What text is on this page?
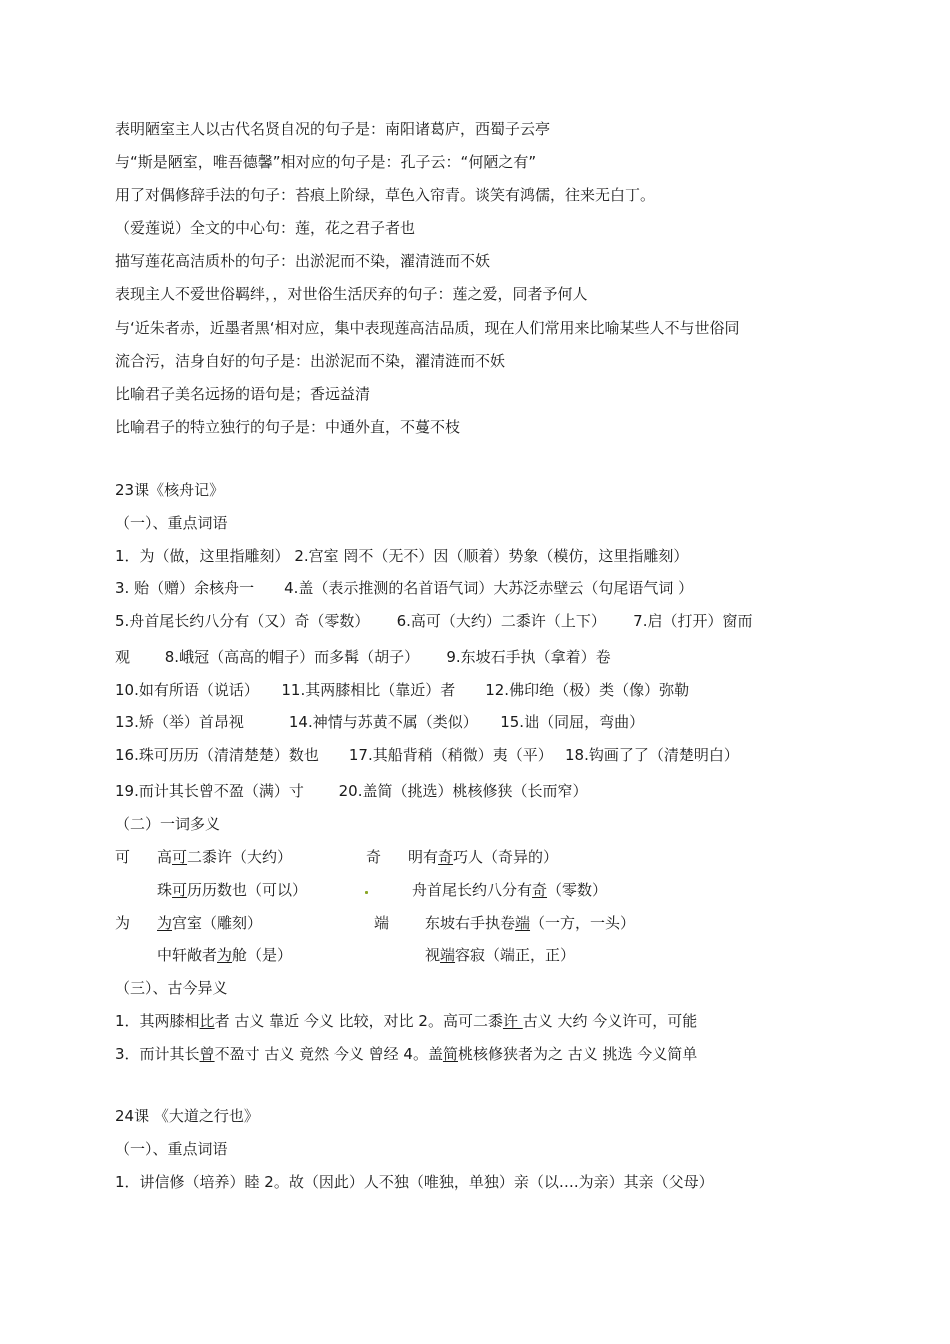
表明陋室主人以古代名贤自况的句子是：南阳诸葛庐，西蜀子云亭
与“斯是陋室，唯吾德馨”相对应的句子是：孔子云：“何陋之有”
用了对偶修辞手法的句子：苔痕上阶绿，草色入帘青。谈笑有鸿儒，往来无白丁。
（爱莲说）全文的中心句：莲，花之君子者也
描写莲花高洁质朴的句子：出淤泥而不染，濯清涟而不妖
表现主人不爱世俗羁绊，，对世俗生活厌弃的句子：莲之爱，同者予何人
与‘近朱者赤，近墨者黑‘相对应，集中表现莲高洁品质，现在人们常用来比喻某些人不与世俗同
流合污，洁身自好的句子是：出淤泥而不染，濯清涟而不妖
比喻君子美名远扬的语句是；香远益清
比喻君子的特立独行的句子是：中通外直，不蔓不枝
23课《核舟记》
（一）、重点词语
1．为（做，这里指雕刻） 2.宫室 罔不（无不）因（顺着）势象（模仿，这里指雕刻）
3. 贻（赠）余核舟一　　4.盖（表示推测的名首语气词）大苏泛赤壁云（句尾语气词 ）
5.舟首尾长约八分有（又）奇（零数）　　 6.高可（大约）二黍许（上下）　　 7.启（打开）窗而
观　　 8.峨冠（高高的帽子）而多髯（胡子）　　 9.东坡石手执（拿着）卷
10.如有所语（说话）　　11.其两膝相比（靠近）者　　12.佛印绝（极）类（像）弥勒
13.矫（举）首昂视　　　14.神情与苏黄不属（类似）　　15.诎（同屈，弯曲）
16.珠可历历（清清楚楚）数也　　17.其船背稍（稍微）夷（平）　 18.钩画了了（清楚明白）
19.而计其长曾不盈（满）寸　　 20.盖简（挑选）桃核修狭（长而窄）
（二）一词多义
可 高可二黍许（大约）	奇 明有奇巧人（奇异的）
珠可历历数也（可以）	舟首尾长约八分有奇（零数）
为 为宫室（雕刻）	端 东坡右手执卷端（一方，一头）
中轩敞者为舱（是）	视端容寂（端正，正）
（三）、古今异义
1．其两膝相比者 古义 靠近 今义 比较，对比 2。高可二黍许 古义 大约 今义许可，可能
3．而计其长曾不盈寸 古义 竟然 今义 曾经 4。盖简桃核修狭者为之 古义 挑选 今义简单
24课 《大道之行也》
（一）、重点词语
1．讲信修（培养）睦 2。故（因此）人不独（唯独，单独）亲（以….为亲）其亲（父母）
